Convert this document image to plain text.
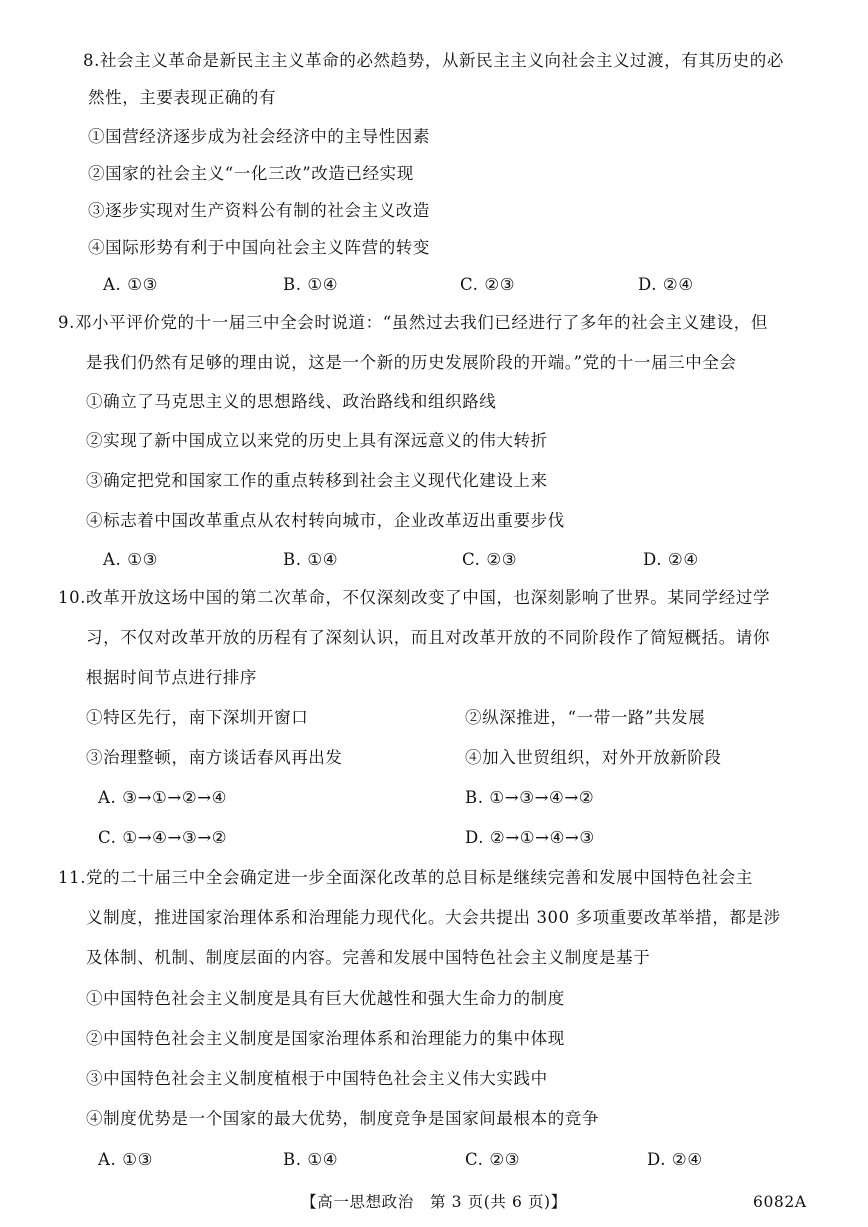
8.社会主义革命是新民主主义革命的必然趋势，从新民主主义向社会主义过渡，有其历史的必
然性，主要表现正确的有
①国营经济逐步成为社会经济中的主导性因素
②国家的社会主义“一化三改”改造已经实现
③逐步实现对生产资料公有制的社会主义改造
④国际形势有利于中国向社会主义阵营的转变
A. ①③	B. ①④	C. ②③	D. ②④
9.邓小平评价党的十一届三中全会时说道：“虽然过去我们已经进行了多年的社会主义建设，但
是我们仍然有足够的理由说，这是一个新的历史发展阶段的开端。”党的十一届三中全会
①确立了马克思主义的思想路线、政治路线和组织路线
②实现了新中国成立以来党的历史上具有深远意义的伟大转折
③确定把党和国家工作的重点转移到社会主义现代化建设上来
④标志着中国改革重点从农村转向城市，企业改革迈出重要步伐
A. ①③	B. ①④	C. ②③	D. ②④
10.改革开放这场中国的第二次革命，不仅深刻改变了中国，也深刻影响了世界。某同学经过学
习，不仅对改革开放的历程有了深刻认识，而且对改革开放的不同阶段作了简短概括。请你
根据时间节点进行排序
①特区先行，南下深圳开窗口	②纵深推进，“一带一路”共发展
③治理整顿，南方谈话春风再出发	④加入世贸组织，对外开放新阶段
A. ③→①→②→④	B. ①→③→④→②
C. ①→④→③→②	D. ②→①→④→③
11.党的二十届三中全会确定进一步全面深化改革的总目标是继续完善和发展中国特色社会主
义制度，推进国家治理体系和治理能力现代化。大会共提出 300 多项重要改革举措，都是涉
及体制、机制、制度层面的内容。完善和发展中国特色社会主义制度是基于
①中国特色社会主义制度是具有巨大优越性和强大生命力的制度
②中国特色社会主义制度是国家治理体系和治理能力的集中体现
③中国特色社会主义制度植根于中国特色社会主义伟大实践中
④制度优势是一个国家的最大优势，制度竞争是国家间最根本的竞争
A. ①③	B. ①④	C. ②③	D. ②④
【高一思想政治　第 3 页(共 6 页)】	6082A
